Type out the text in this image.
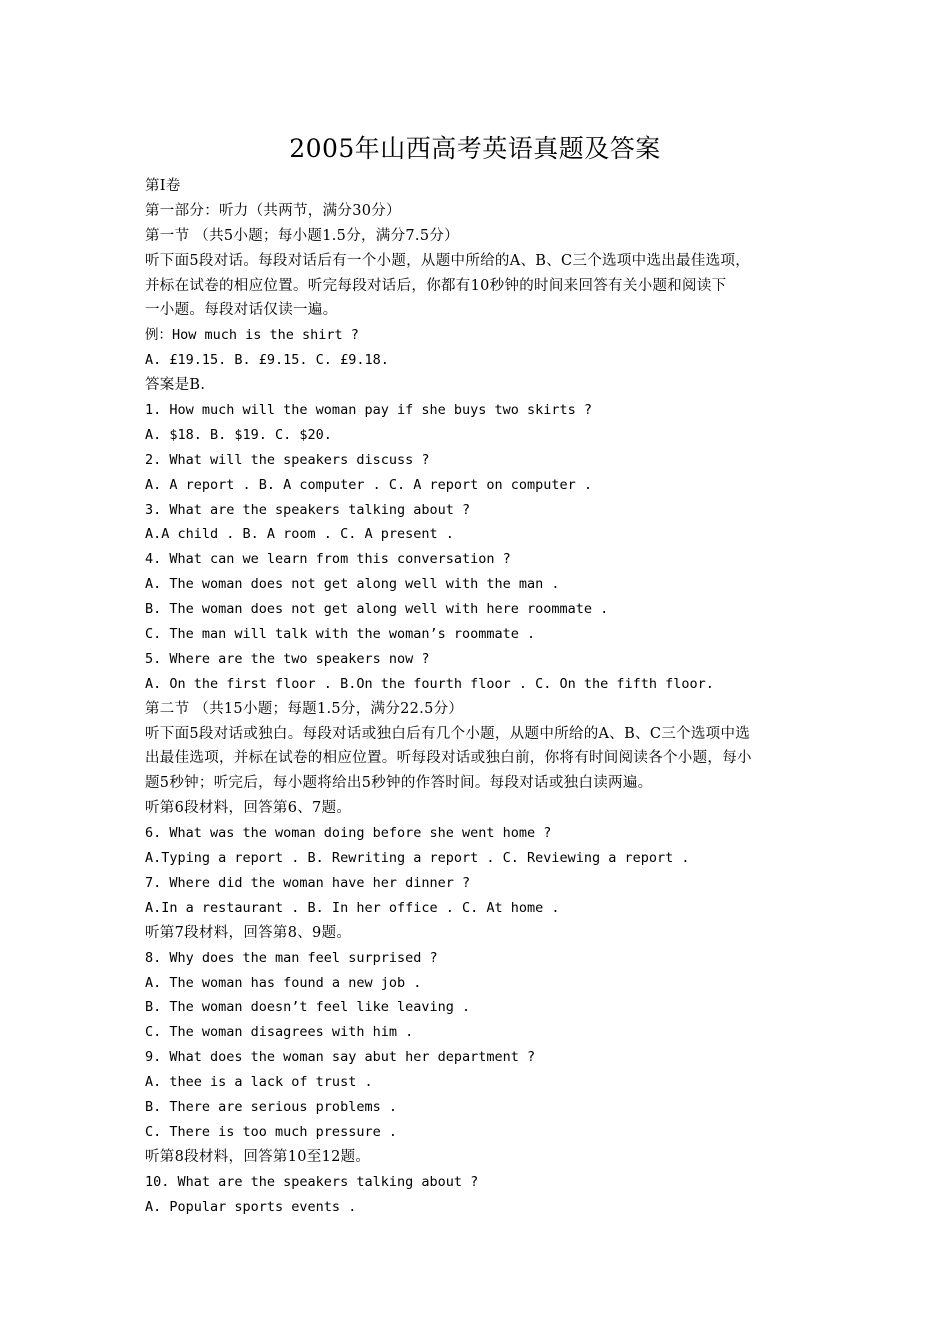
2005年山西高考英语真题及答案
第Ⅰ卷
第一部分：听力（共两节，满分30分）
第一节 （共5小题；每小题1.5分，满分7.5分）
听下面5段对话。每段对话后有一个小题，从题中所给的A、B、C三个选项中选出最佳选项，
并标在试卷的相应位置。听完每段对话后，你都有10秒钟的时间来回答有关小题和阅读下
一小题。每段对话仅读一遍。
例：How much is the shirt ?
A. £19.15. B. £9.15. C. £9.18.
答案是B.
1. How much will the woman pay if she buys two skirts ?
A. $18. B. $19. C. $20.
2. What will the speakers discuss ?
A. A report . B. A computer . C. A report on computer .
3. What are the speakers talking about ?
A.A child . B. A room . C. A present .
4. What can we learn from this conversation ?
A. The woman does not get along well with the man .
B. The woman does not get along well with here roommate .
C. The man will talk with the woman’s roommate .
5. Where are the two speakers now ?
A. On the first floor . B.On the fourth floor . C. On the fifth floor.
第二节 （共15小题；每题1.5分，满分22.5分）
听下面5段对话或独白。每段对话或独白后有几个小题，从题中所给的A、B、C三个选项中选
出最佳选项，并标在试卷的相应位置。听每段对话或独白前，你将有时间阅读各个小题，每小
题5秒钟；听完后，每小题将给出5秒钟的作答时间。每段对话或独白读两遍。
听第6段材料，回答第6、7题。
6. What was the woman doing before she went home ?
A.Typing a report . B. Rewriting a report . C. Reviewing a report .
7. Where did the woman have her dinner ?
A.In a restaurant . B. In her office . C. At home .
听第7段材料，回答第8、9题。
8. Why does the man feel surprised ?
A. The woman has found a new job .
B. The woman doesn’t feel like leaving .
C. The woman disagrees with him .
9. What does the woman say abut her department ?
A. thee is a lack of trust .
B. There are serious problems .
C. There is too much pressure .
听第8段材料，回答第10至12题。
10. What are the speakers talking about ?
A. Popular sports events .
